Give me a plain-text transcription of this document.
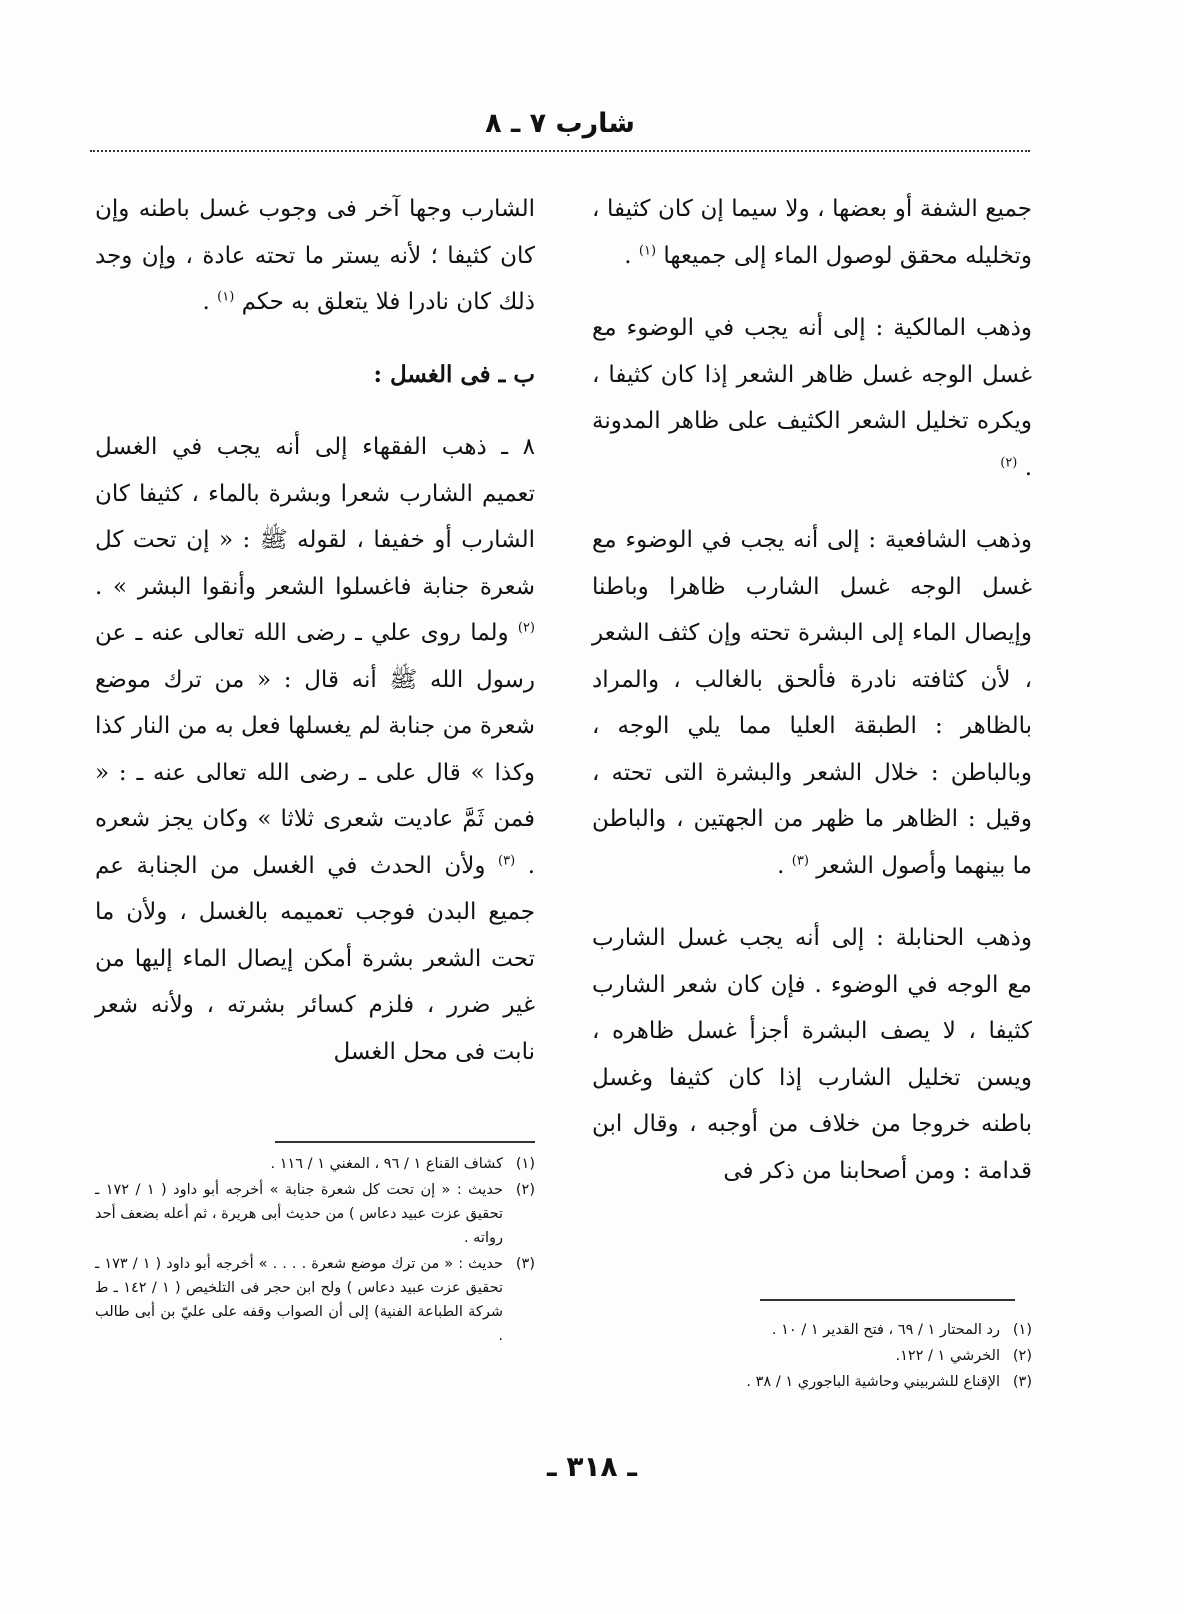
شارب ٧ ـ ٨

جميع الشفة أو بعضها ، ولا سيما إن كان كثيفا ، وتخليله محقق لوصول الماء إلى جميعها $^{(١)}$ .

وذهب المالكية : إلى أنه يجب في الوضوء مع غسل الوجه غسل ظاهر الشعر إذا كان كثيفا ، ويكره تخليل الشعر الكثيف على ظاهر المدونة . $^{(٢)}$

وذهب الشافعية : إلى أنه يجب في الوضوء مع غسل الوجه غسل الشارب ظاهرا وباطنا وإيصال الماء إلى البشرة تحته وإن كثف الشعر ، لأن كثافته نادرة فألحق بالغالب ، والمراد بالظاهر : الطبقة العليا مما يلي الوجه ، وبالباطن : خلال الشعر والبشرة التى تحته ، وقيل : الظاهر ما ظهر من الجهتين ، والباطن ما بينهما وأصول الشعر $^{(٣)}$ .

وذهب الحنابلة : إلى أنه يجب غسل الشارب مع الوجه في الوضوء . فإن كان شعر الشارب كثيفا ، لا يصف البشرة أجزأ غسل ظاهره ، ويسن تخليل الشارب إذا كان كثيفا وغسل باطنه خروجا من خلاف من أوجبه ، وقال ابن قدامة : ومن أصحابنا من ذكر فى

الشارب وجها آخر فى وجوب غسل باطنه وإن كان كثيفا ؛ لأنه يستر ما تحته عادة ، وإن وجد ذلك كان نادرا فلا يتعلق به حكم $^{(١)}$ .

ب ـ فى الغسل :

٨ ـ ذهب الفقهاء إلى أنه يجب في الغسل تعميم الشارب شعرا وبشرة بالماء ، كثيفا كان الشارب أو خفيفا ، لقوله ﷺ : « إن تحت كل شعرة جنابة فاغسلوا الشعر وأنقوا البشر » . $^{(٢)}$ ولما روى علي ـ رضى الله تعالى عنه ـ عن رسول الله ﷺ أنه قال : « من ترك موضع شعرة من جنابة لم يغسلها فعل به من النار كذا وكذا » قال على ـ رضى الله تعالى عنه ـ : « فمن ثَمَّ عاديت شعرى ثلاثا » وكان يجز شعره . $^{(٣)}$ ولأن الحدث في الغسل من الجنابة عم جميع البدن فوجب تعميمه بالغسل ، ولأن ما تحت الشعر بشرة أمكن إيصال الماء إليها من غير ضرر ، فلزم كسائر بشرته ، ولأنه شعر نابت فى محل الغسل

(١)
كشاف القناع ١ / ٩٦ ، المغني ١ / ١١٦ .

(٢)
حديث : « إن تحت كل شعرة جنابة » أخرجه أبو داود ( ١ / ١٧٢ ـ تحقيق عزت عبيد دعاس ) من حديث أبى هريرة ، ثم أعله بضعف أحد رواته .

(٣)
حديث : « من ترك موضع شعرة . . . . » أخرجه أبو داود ( ١ / ١٧٣ ـ تحقيق عزت عبيد دعاس ) ولح ابن حجر فى التلخيص ( ١ / ١٤٢ ـ ط شركة الطباعة الفنية) إلى أن الصواب وقفه على عليّ بن أبى طالب .	(١)
رد المحتار ١ / ٦٩ ، فتح القدير ١ / ١٠ .

(٢)
الخرشي ١ / ١٢٢.

(٣)
الإقناع للشربيني وحاشية الباجوري ١ / ٣٨ .

ـ ٣١٨ ـ
